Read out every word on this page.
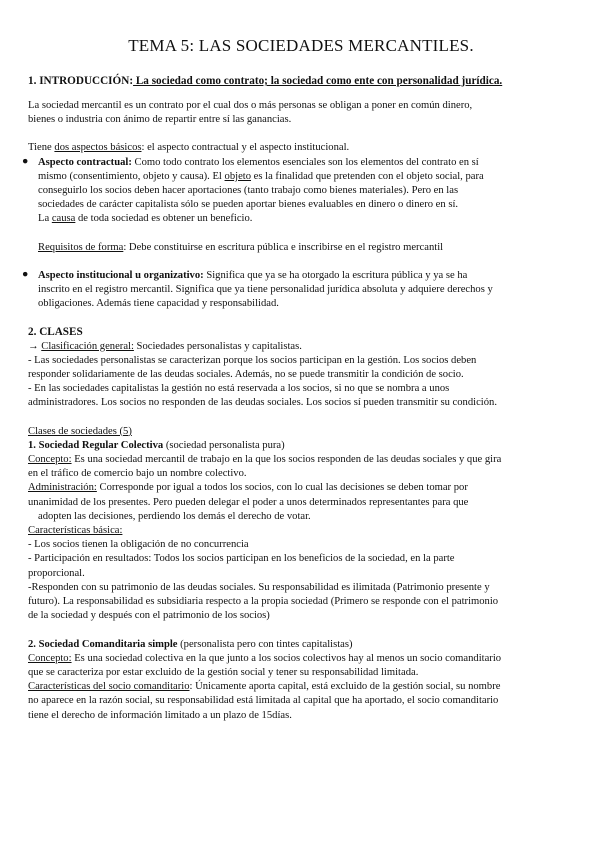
TEMA 5: LAS SOCIEDADES MERCANTILES.
1. INTRODUCCIÓN: La sociedad como contrato; la sociedad como ente con personalidad jurídica.

La sociedad mercantil es un contrato por el cual dos o más personas se obligan a poner en común dinero,

bienes o industria con ánimo de repartir entre sí las ganancias.

Tiene dos aspectos básicos: el aspecto contractual y el aspecto institucional.

● Aspecto contractual: Como todo contrato los elementos esenciales son los elementos del contrato en sí

mismo (consentimiento, objeto y causa). El objeto es la finalidad que pretenden con el objeto social, para

conseguirlo los socios deben hacer aportaciones (tanto trabajo como bienes materiales). Pero en las

sociedades de carácter capitalista sólo se pueden aportar bienes evaluables en dinero o dinero en sí.

La causa de toda sociedad es obtener un beneficio.

Requisitos de forma: Debe constituirse en escritura pública e inscribirse en el registro mercantil

● Aspecto institucional u organizativo: Significa que ya se ha otorgado la escritura pública y ya se ha

inscrito en el registro mercantil. Significa que ya tiene personalidad jurídica absoluta y adquiere derechos y

obligaciones. Además tiene capacidad y responsabilidad.

2. CLASES

→ Clasificación general: Sociedades personalistas y capitalistas.

- Las sociedades personalistas se caracterizan porque los socios participan en la gestión. Los socios deben

responder solidariamente de las deudas sociales. Además, no se puede transmitir la condición de socio.

- En las sociedades capitalistas la gestión no está reservada a los socios, si no que se nombra a unos

administradores. Los socios no responden de las deudas sociales. Los socios sí pueden transmitir su condición.

Clases de sociedades (5)

1. Sociedad Regular Colectiva (sociedad personalista pura)

Concepto: Es una sociedad mercantil de trabajo en la que los socios responden de las deudas sociales y que gira

en el tráfico de comercio bajo un nombre colectivo.

Administración: Corresponde por igual a todos los socios, con lo cual las decisiones se deben tomar por

unanimidad de los presentes. Pero pueden delegar el poder a unos determinados representantes para que

adopten las decisiones, perdiendo los demás el derecho de votar.

Características básica:

- Los socios tienen la obligación de no concurrencia

- Participación en resultados: Todos los socios participan en los beneficios de la sociedad, en la parte

proporcional.

-Responden con su patrimonio de las deudas sociales. Su responsabilidad es ilimitada (Patrimonio presente y

futuro). La responsabilidad es subsidiaria respecto a la propia sociedad (Primero se responde con el patrimonio

de la sociedad y después con el patrimonio de los socios)

2. Sociedad Comanditaria simple (personalista pero con tintes capitalistas)

Concepto: Es una sociedad colectiva en la que junto a los socios colectivos hay al menos un socio comanditario

que se caracteriza por estar excluido de la gestión social y tener su responsabilidad limitada.

Características del socio comanditario: Únicamente aporta capital, está excluido de la gestión social, su nombre

no aparece en la razón social, su responsabilidad está limitada al capital que ha aportado, el socio comanditario

tiene el derecho de información limitado a un plazo de 15días.
